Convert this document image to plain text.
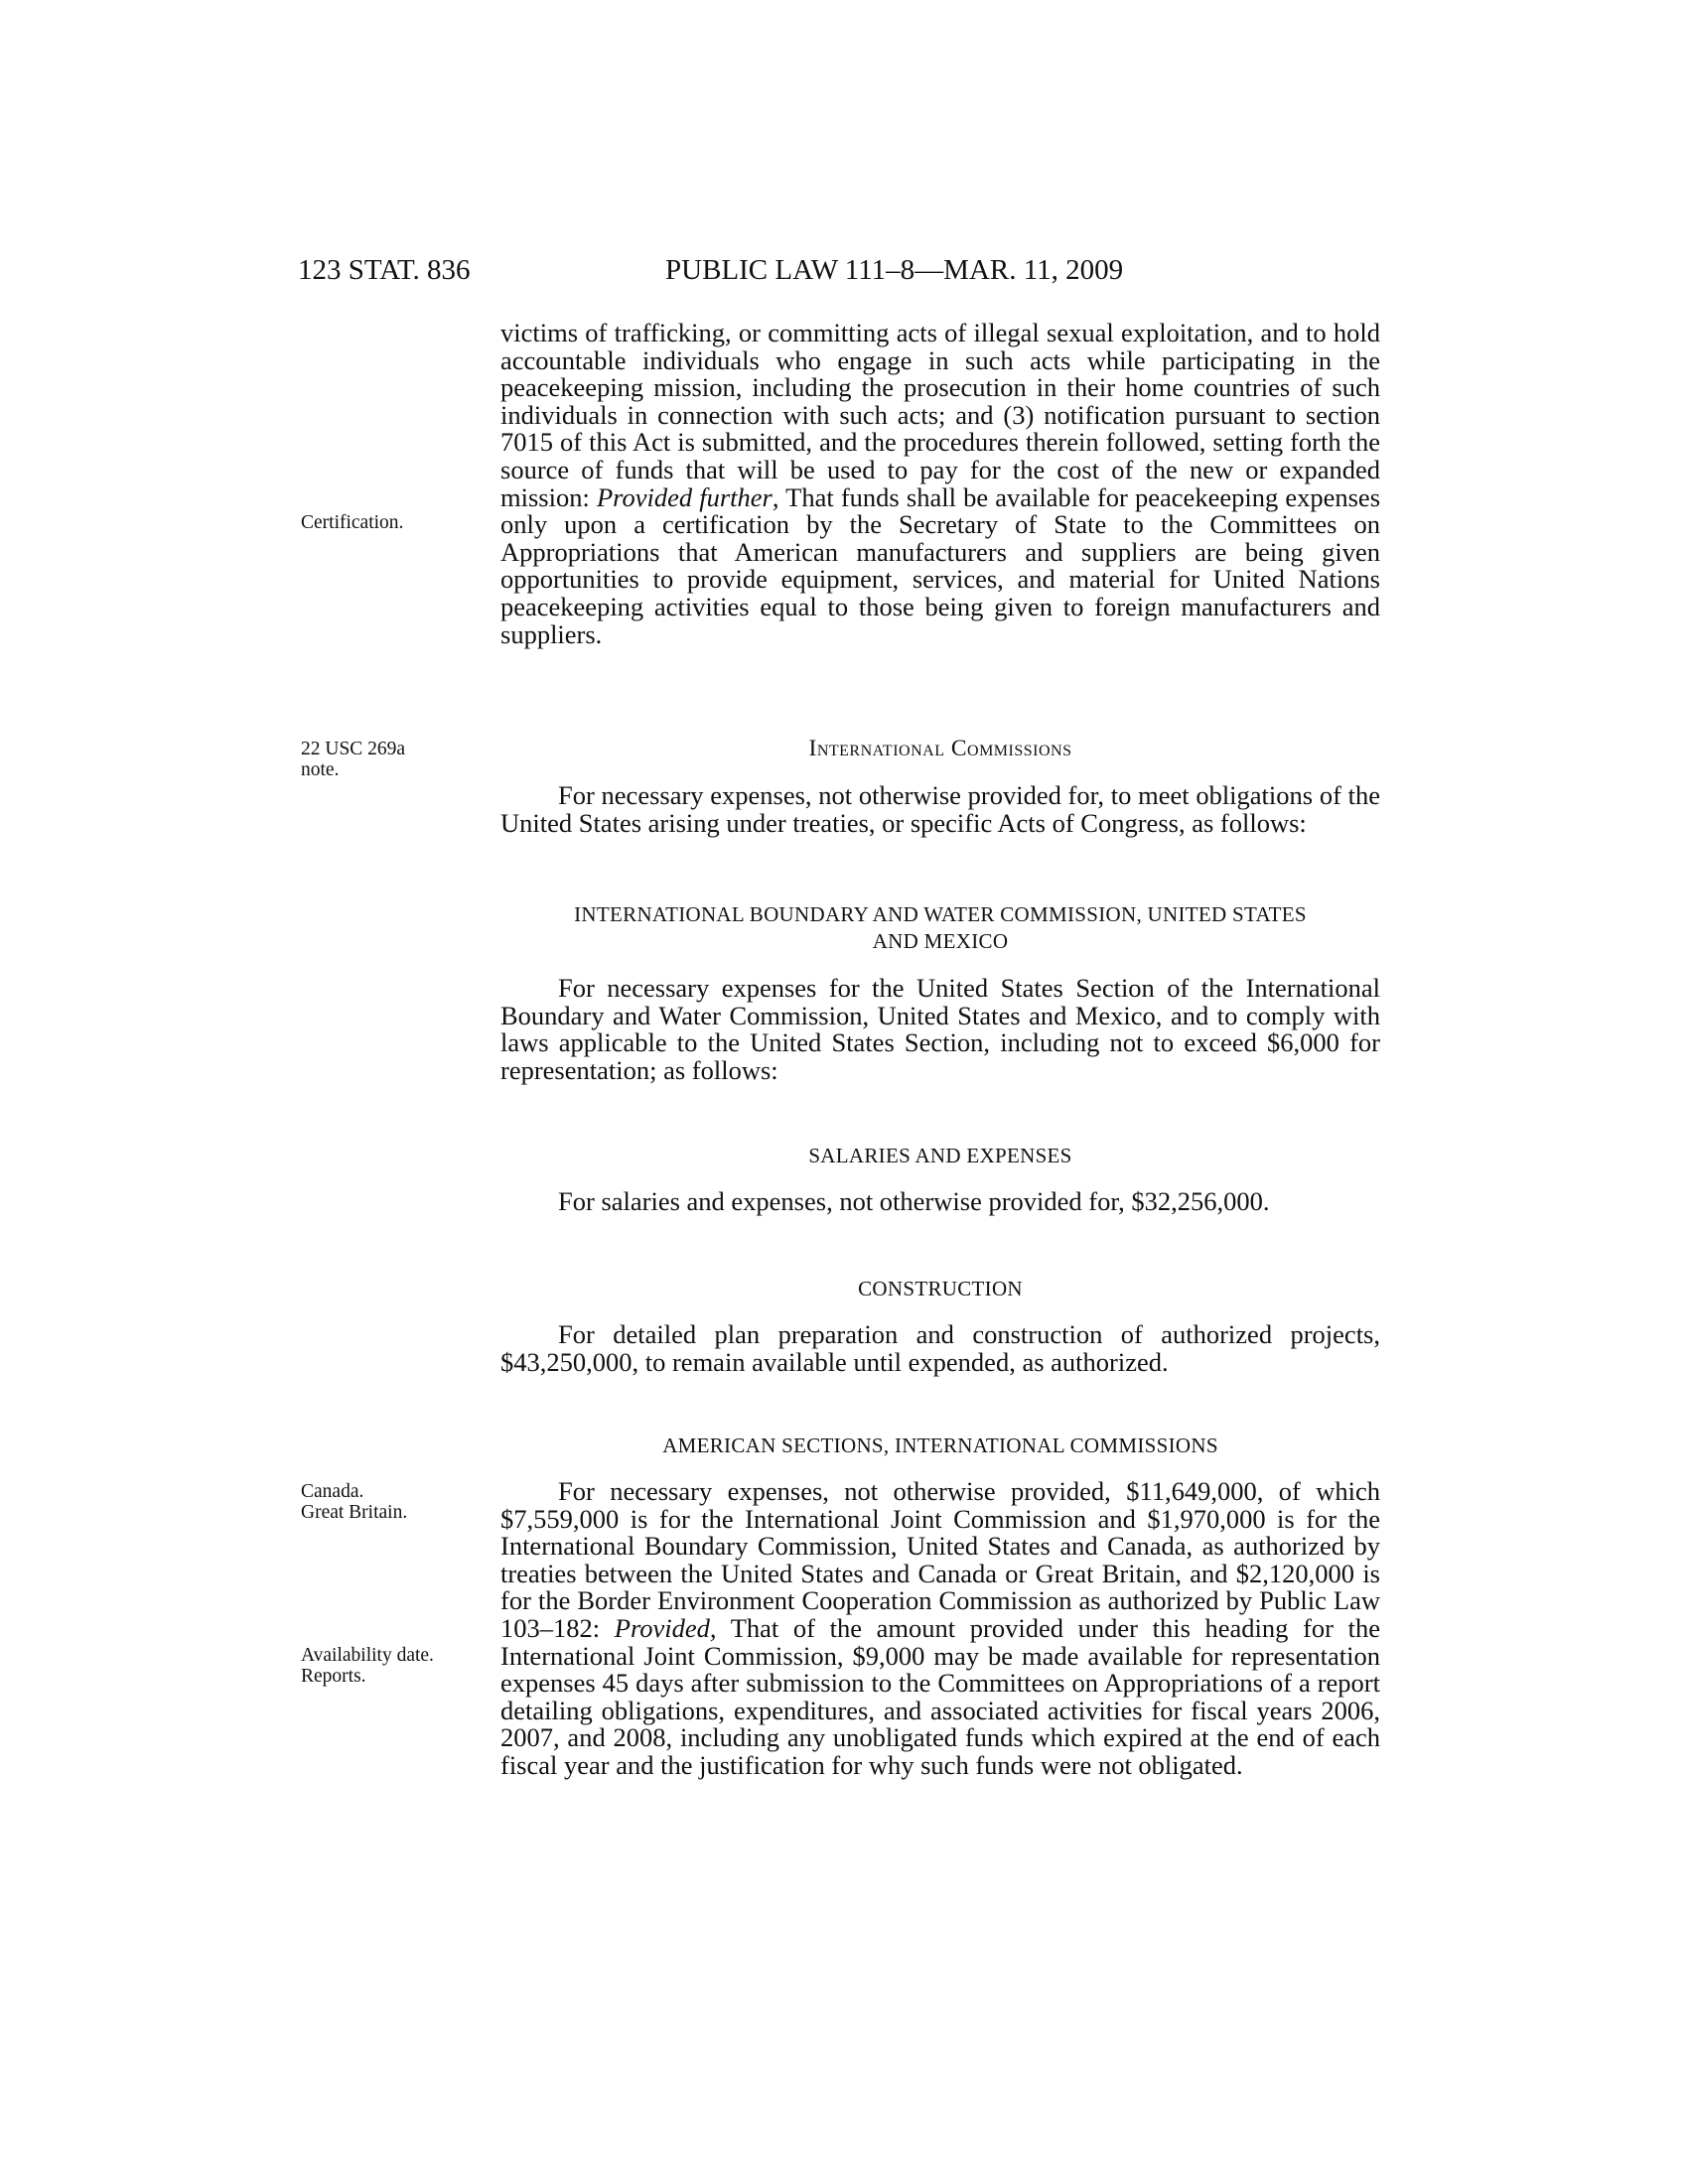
123 STAT. 836	PUBLIC LAW 111–8—MAR. 11, 2009
victims of trafficking, or committing acts of illegal sexual exploitation, and to hold accountable individuals who engage in such acts while participating in the peacekeeping mission, including the prosecution in their home countries of such individuals in connection with such acts; and (3) notification pursuant to section 7015 of this Act is submitted, and the procedures therein followed, setting forth the source of funds that will be used to pay for the cost of the new or expanded mission: Provided further, That funds shall be available for peacekeeping expenses only upon a certification by the Secretary of State to the Committees on Appropriations that American manufacturers and suppliers are being given opportunities to provide equipment, services, and material for United Nations peacekeeping activities equal to those being given to foreign manufacturers and suppliers.
Certification.
22 USC 269a
note.
International Commissions
For necessary expenses, not otherwise provided for, to meet obligations of the United States arising under treaties, or specific Acts of Congress, as follows:
INTERNATIONAL BOUNDARY AND WATER COMMISSION, UNITED STATES
AND MEXICO
For necessary expenses for the United States Section of the International Boundary and Water Commission, United States and Mexico, and to comply with laws applicable to the United States Section, including not to exceed $6,000 for representation; as follows:
SALARIES AND EXPENSES
For salaries and expenses, not otherwise provided for, $32,256,000.
CONSTRUCTION
For detailed plan preparation and construction of authorized projects, $43,250,000, to remain available until expended, as authorized.
AMERICAN SECTIONS, INTERNATIONAL COMMISSIONS
Canada.
Great Britain.
Availability date.
Reports.
For necessary expenses, not otherwise provided, $11,649,000, of which $7,559,000 is for the International Joint Commission and $1,970,000 is for the International Boundary Commission, United States and Canada, as authorized by treaties between the United States and Canada or Great Britain, and $2,120,000 is for the Border Environment Cooperation Commission as authorized by Public Law 103–182: Provided, That of the amount provided under this heading for the International Joint Commission, $9,000 may be made available for representation expenses 45 days after submission to the Committees on Appropriations of a report detailing obligations, expenditures, and associated activities for fiscal years 2006, 2007, and 2008, including any unobligated funds which expired at the end of each fiscal year and the justification for why such funds were not obligated.
